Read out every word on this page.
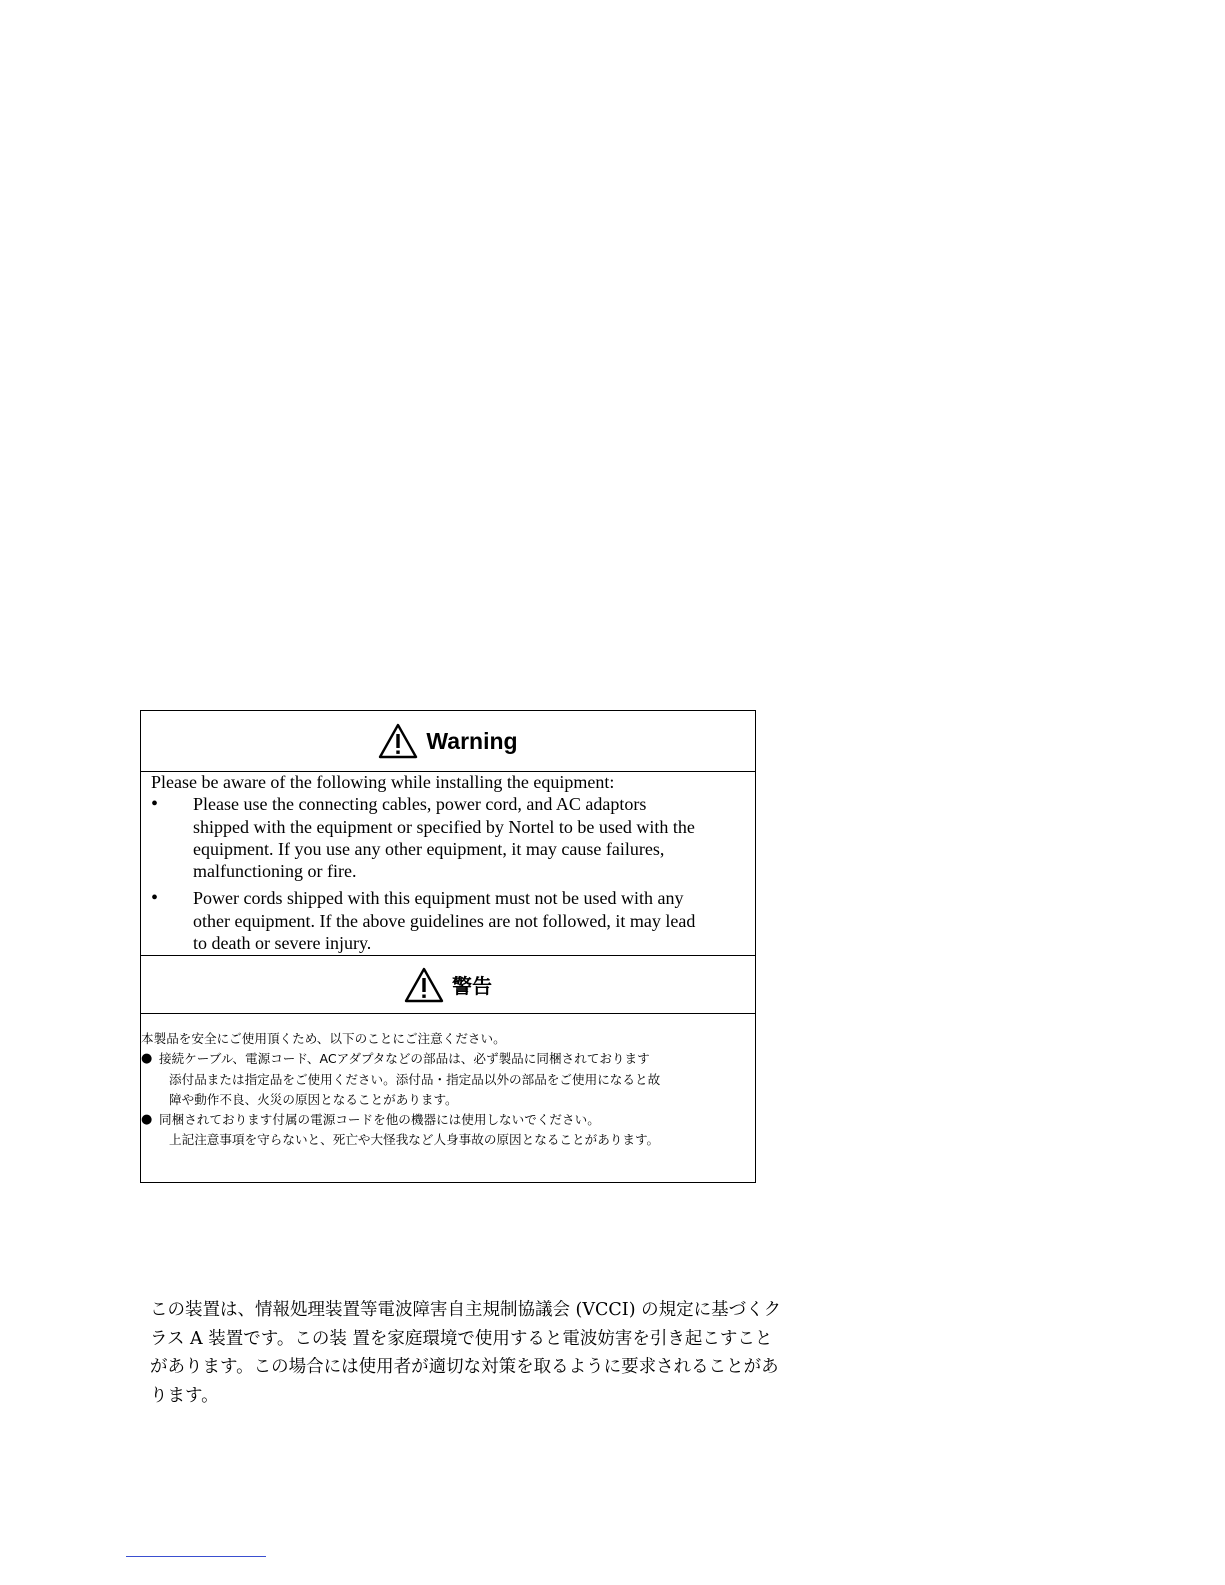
Warning
Please be aware of the following while installing the equipment:
•	Please use the connecting cables, power cord, and AC adaptors
shipped with the equipment or specified by Nortel to be used with the
equipment. If you use any other equipment, it may cause failures,
malfunctioning or fire.
•	Power cords shipped with this equipment must not be used with any
other equipment. If the above guidelines are not followed, it may lead
to death or severe injury.
警告
本製品を安全にご使用頂くため、以下のことにご注意ください。
● 接続ケーブル、電源コード、ACアダプタなどの部品は、必ず製品に同梱されております
添付品または指定品をご使用ください。添付品・指定品以外の部品をご使用になると故
障や動作不良、火災の原因となることがあります。
● 同梱されております付属の電源コードを他の機器には使用しないでください。
上記注意事項を守らないと、死亡や大怪我など人身事故の原因となることがあります。
この装置は、情報処理装置等電波障害自主規制協議会 (VCCI) の規定に基づくク
ラス A 装置です。この装 置を家庭環境で使用すると電波妨害を引き起こすこと
があります。この場合には使用者が適切な対策を取るように要求されることがあ
ります。
